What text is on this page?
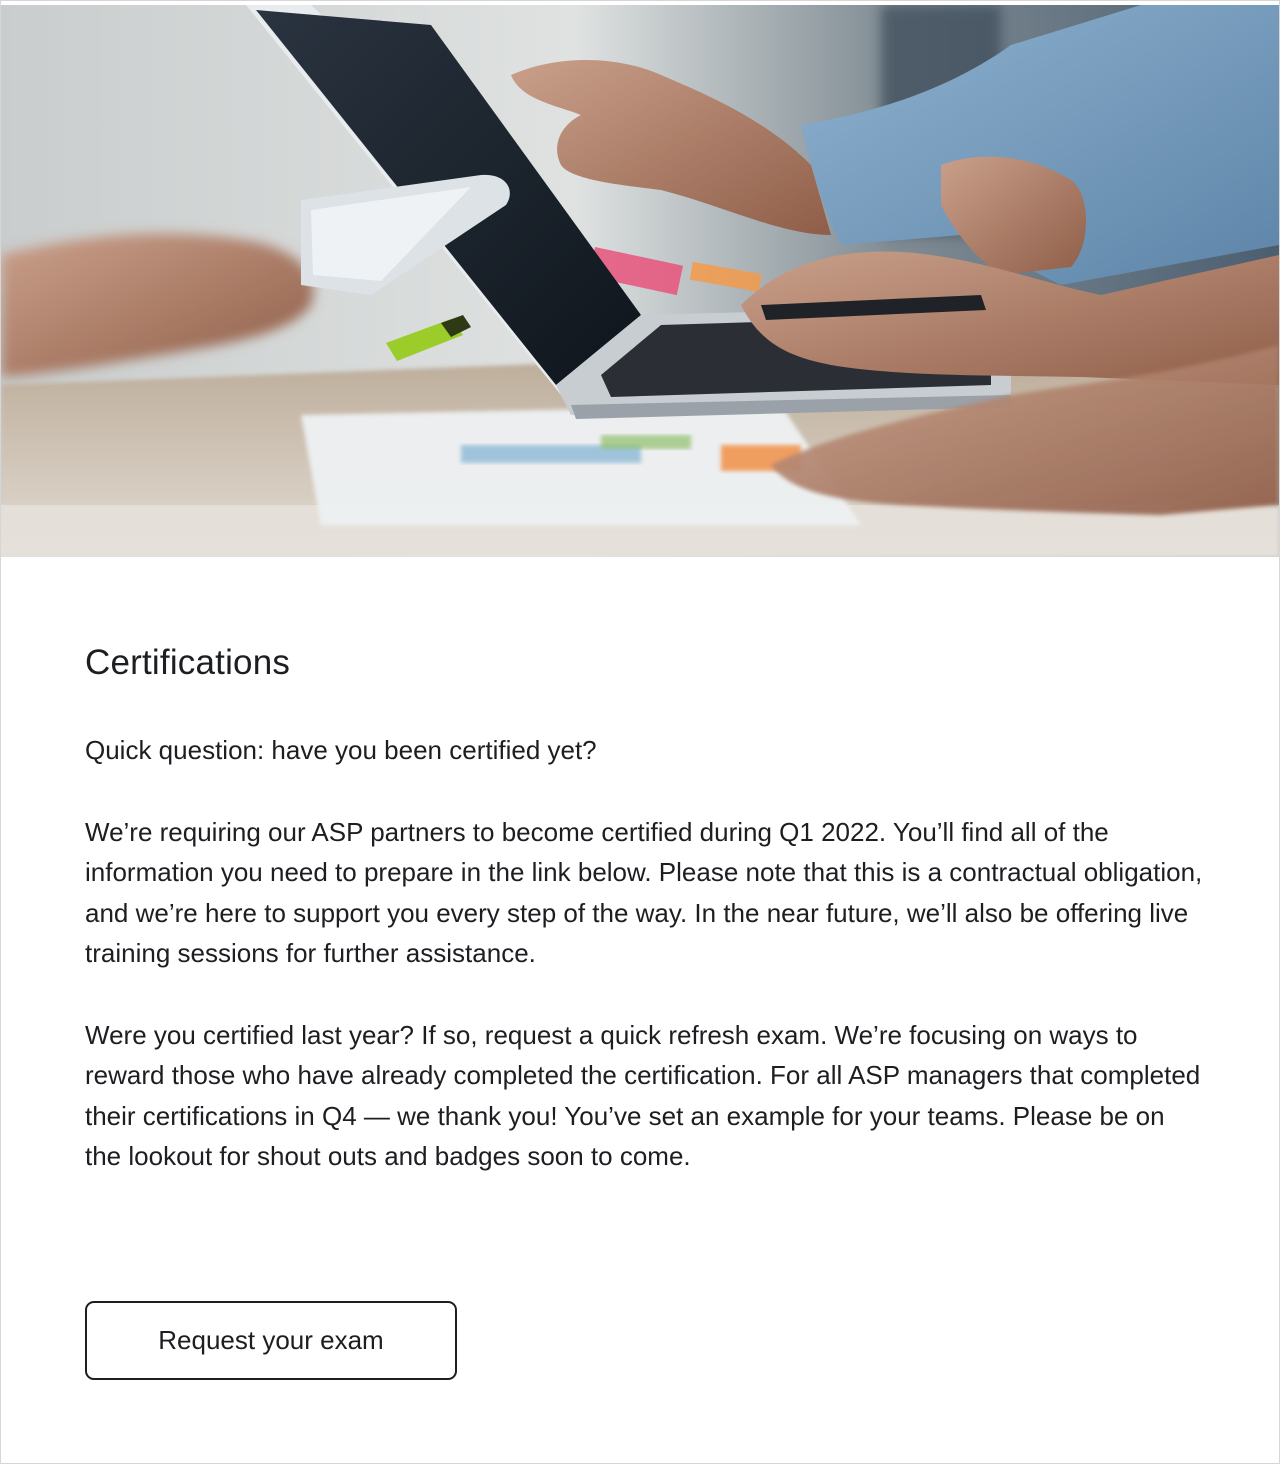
Certifications

Quick question: have you been certified yet?

We’re requiring our ASP partners to become certified during Q1 2022. You’ll find all of the information you need to prepare in the link below. Please note that this is a contractual obligation, and we’re here to support you every step of the way. In the near future, we’ll also be offering live training sessions for further assistance.

Were you certified last year? If so, request a quick refresh exam. We’re focusing on ways to reward those who have already completed the certification. For all ASP managers that completed their certifications in Q4 — we thank you! You’ve set an example for your teams. Please be on the lookout for shout outs and badges soon to come.

Request your exam
